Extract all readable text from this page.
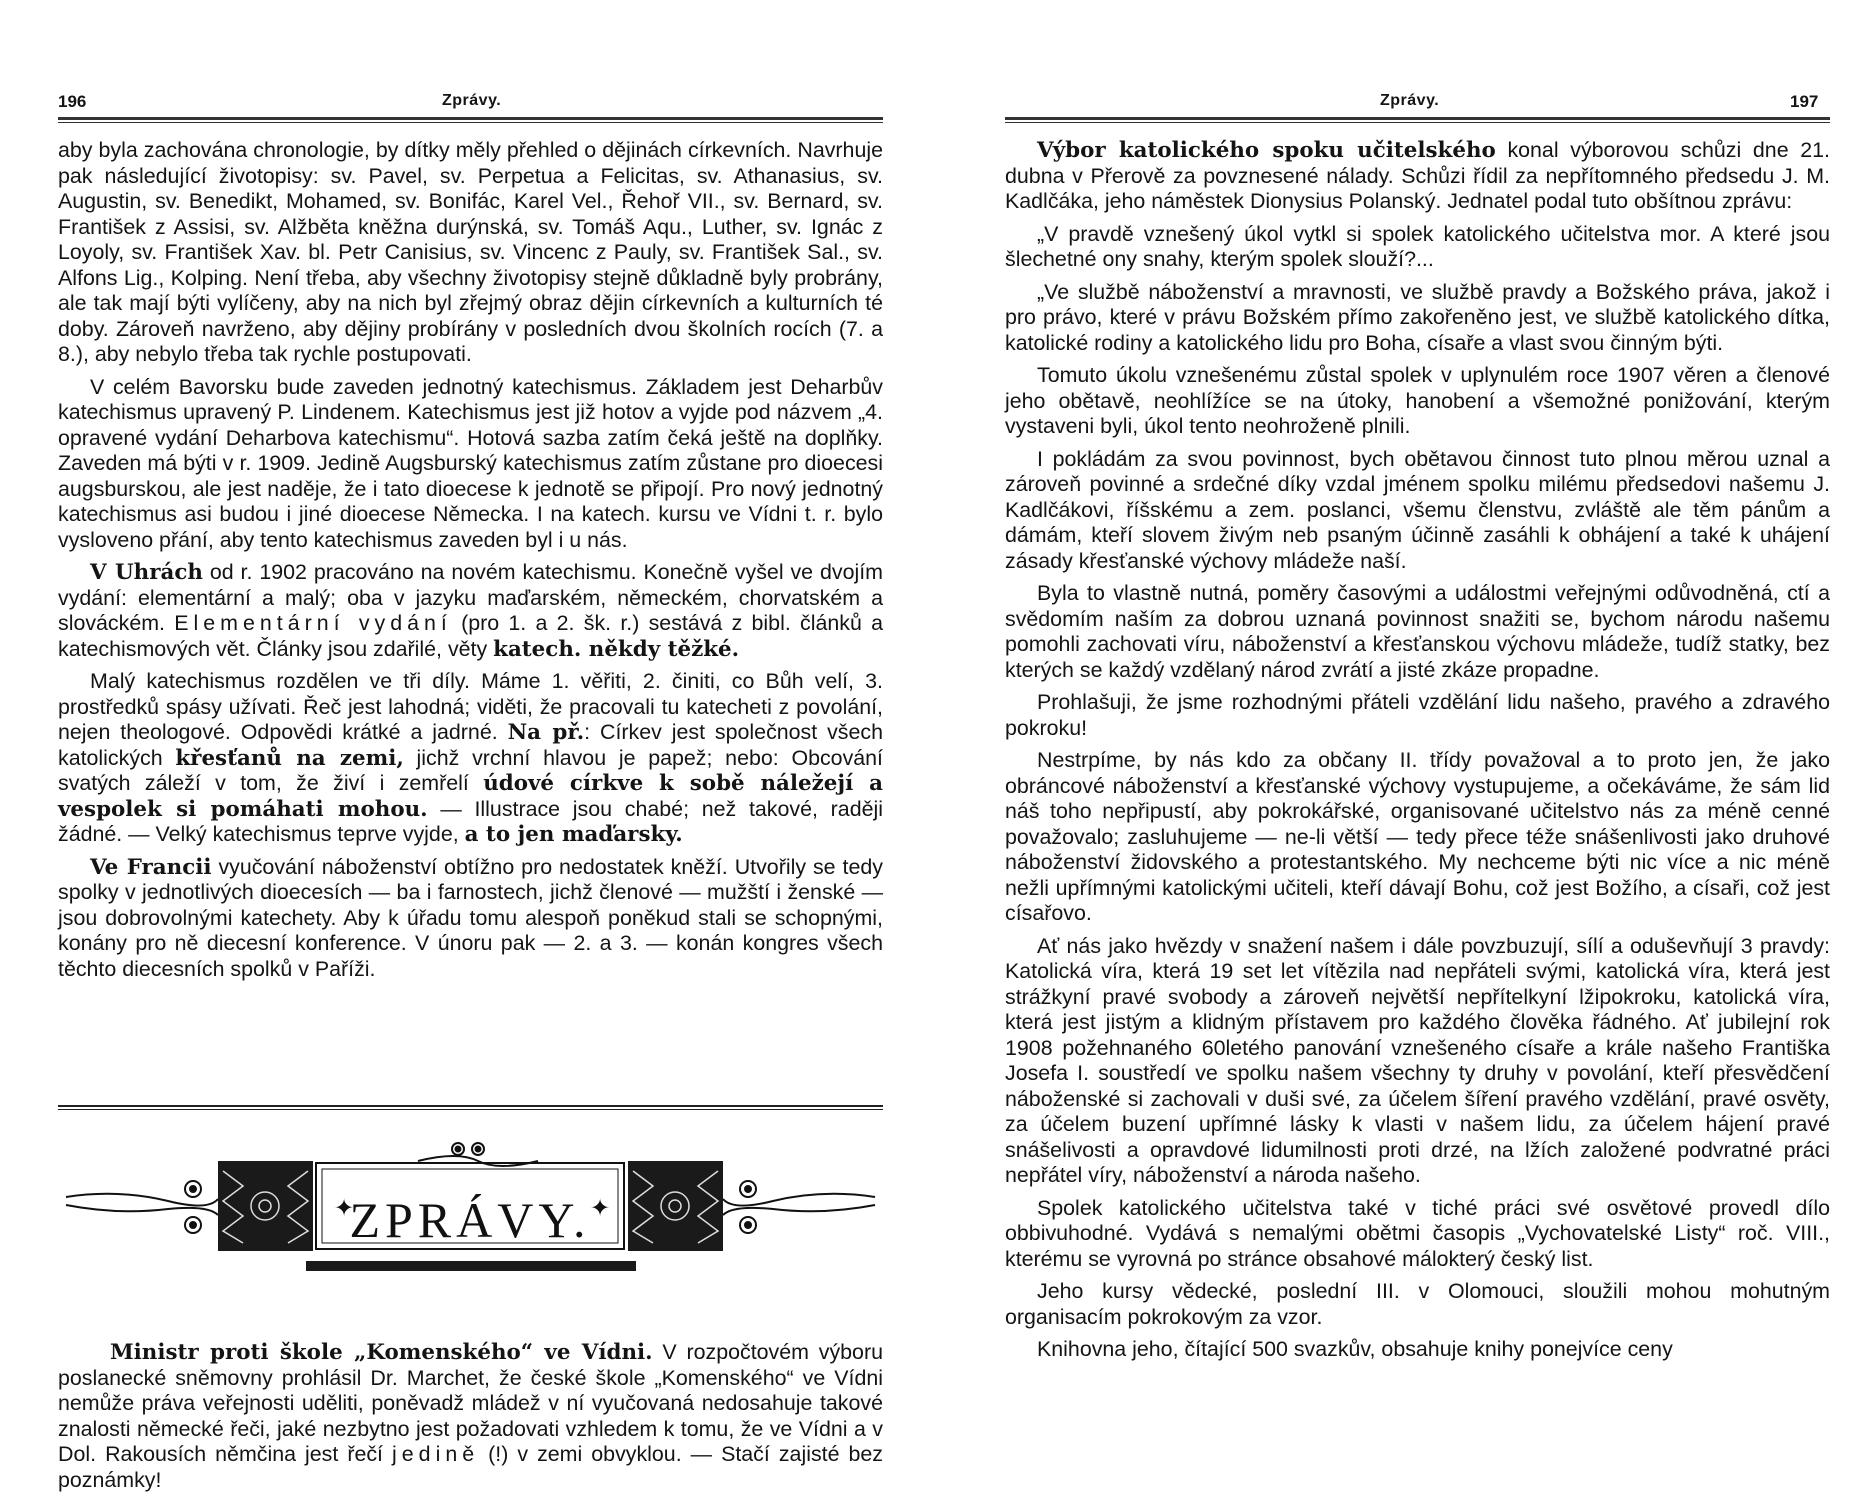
196	Zprávy.

aby byla zachována chronologie, by dítky měly přehled o dějinách církevních. Navrhuje pak následující životopisy: sv. Pavel, sv. Perpetua a Felicitas, sv. Athanasius, sv. Augustin, sv. Benedikt, Mohamed, sv. Bonifác, Karel Vel., Řehoř VII., sv. Bernard, sv. František z Assisi, sv. Alžběta kněžna durýnská, sv. Tomáš Aqu., Luther, sv. Ignác z Loyoly, sv. František Xav. bl. Petr Canisius, sv. Vincenc z Pauly, sv. František Sal., sv. Alfons Lig., Kolping. Není třeba, aby všechny životopisy stejně důkladně byly probrány, ale tak mají býti vylíčeny, aby na nich byl zřejmý obraz dějin církevních a kulturních té doby. Zároveň navrženo, aby dějiny probírány v posledních dvou školních rocích (7. a 8.), aby nebylo třeba tak rychle postupovati.

V celém Bavorsku bude zaveden jednotný katechismus. Základem jest Deharbův katechismus upravený P. Lindenem. Katechismus jest již hotov a vyjde pod názvem „4. opravené vydání Deharbova katechismu“. Hotová sazba zatím čeká ještě na doplňky. Zaveden má býti v r. 1909. Jedině Augsburský katechismus zatím zůstane pro dioecesi augsburskou, ale jest naděje, že i tato dioecese k jednotě se připojí. Pro nový jednotný katechismus asi budou i jiné dioecese Německa. I na katech. kursu ve Vídni t. r. bylo vysloveno přání, aby tento katechismus zaveden byl i u nás.

V Uhrách od r. 1902 pracováno na novém katechismu. Konečně vyšel ve dvojím vydání: elementární a malý; oba v jazyku maďarském, německém, chorvatském a slováckém. Elementární vydání (pro 1. a 2. šk. r.) sestává z bibl. článků a katechismových vět. Články jsou zdařilé, věty katech. někdy těžké.

Malý katechismus rozdělen ve tři díly. Máme 1. věřiti, 2. činiti, co Bůh velí, 3. prostředků spásy užívati. Řeč jest lahodná; viděti, že pracovali tu katecheti z povolání, nejen theologové. Odpovědi krátké a jadrné. Na př.: Církev jest společnost všech katolických křesťanů na zemi, jichž vrchní hlavou je papež; nebo: Obcování svatých záleží v tom, že živí i zemřelí údové církve k sobě náležejí a vespolek si pomáhati mohou. — Illustrace jsou chabé; než takové, raději žádné. — Velký katechismus teprve vyjde, a to jen maďarsky.

Ve Francii vyučování náboženství obtížno pro nedostatek kněží. Utvořily se tedy spolky v jednotlivých dioecesích — ba i farnostech, jichž členové — mužští i ženské — jsou dobrovolnými katechety. Aby k úřadu tomu alespoň poněkud stali se schopnými, konány pro ně diecesní konference. V únoru pak — 2. a 3. — konán kongres všech těchto diecesních spolků v Paříži.

✦	✦
ZPRÁVY.

Ministr proti škole „Komenského“ ve Vídni. V rozpočtovém výboru poslanecké sněmovny prohlásil Dr. Marchet, že české škole „Komenského“ ve Vídni nemůže práva veřejnosti uděliti, poněvadž mládež v ní vyučovaná nedosahuje takové znalosti německé řeči, jaké nezbytno jest požadovati vzhledem k tomu, že ve Vídni a v Dol. Rakousích němčina jest řečí jedině (!) v zemi obvyklou. — Stačí zajisté bez poznámky!

Zprávy.	197

Výbor katolického spoku učitelského konal výborovou schůzi dne 21. dubna v Přerově za povznesené nálady. Schůzi řídil za nepřítomného předsedu J. M. Kadlčáka, jeho náměstek Dionysius Polanský. Jednatel podal tuto obšítnou zprávu:

„V pravdě vznešený úkol vytkl si spolek katolického učitelstva mor. A které jsou šlechetné ony snahy, kterým spolek slouží?...

„Ve službě náboženství a mravnosti, ve službě pravdy a Božského práva, jakož i pro právo, které v právu Božském přímo zakořeněno jest, ve službě katolického dítka, katolické rodiny a katolického lidu pro Boha, císaře a vlast svou činným býti.

Tomuto úkolu vznešenému zůstal spolek v uplynulém roce 1907 věren a členové jeho obětavě, neohlížíce se na útoky, hanobení a všemožné ponižování, kterým vystaveni byli, úkol tento neohroženě plnili.

I pokládám za svou povinnost, bych obětavou činnost tuto plnou měrou uznal a zároveň povinné a srdečné díky vzdal jménem spolku milému předsedovi našemu J. Kadlčákovi, říšskému a zem. poslanci, všemu členstvu, zvláště ale těm pánům a dámám, kteří slovem živým neb psaným účinně zasáhli k obhájení a také k uhájení zásady křesťanské výchovy mládeže naší.

Byla to vlastně nutná, poměry časovými a událostmi veřejnými odůvodněná, ctí a svědomím naším za dobrou uznaná povinnost snažiti se, bychom národu našemu pomohli zachovati víru, náboženství a křesťanskou výchovu mládeže, tudíž statky, bez kterých se každý vzdělaný národ zvrátí a jisté zkáze propadne.

Prohlašuji, že jsme rozhodnými přáteli vzdělání lidu našeho, pravého a zdravého pokroku!

Nestrpíme, by nás kdo za občany II. třídy považoval a to proto jen, že jako obráncové náboženství a křesťanské výchovy vystupujeme, a očekáváme, že sám lid náš toho nepřipustí, aby pokrokářské, organisované učitelstvo nás za méně cenné považovalo; zasluhujeme — ne-li větší — tedy přece téže snášenlivosti jako druhové náboženství židovského a protestantského. My nechceme býti nic více a nic méně nežli upřímnými katolickými učiteli, kteří dávají Bohu, což jest Božího, a císaři, což jest císařovo.

Ať nás jako hvězdy v snažení našem i dále povzbuzují, sílí a oduševňují 3 pravdy: Katolická víra, která 19 set let vítězila nad nepřáteli svými, katolická víra, která jest strážkyní pravé svobody a zároveň největší nepřítelkyní lžipokroku, katolická víra, která jest jistým a klidným přístavem pro každého člověka řádného. Ať jubilejní rok 1908 požehnaného 60letého panování vznešeného císaře a krále našeho Františka Josefa I. soustředí ve spolku našem všechny ty druhy v povolání, kteří přesvědčení náboženské si zachovali v duši své, za účelem šíření pravého vzdělání, pravé osvěty, za účelem buzení upřímné lásky k vlasti v našem lidu, za účelem hájení pravé snášelivosti a opravdové lidumilnosti proti drzé, na lžích založené podvratné práci nepřátel víry, náboženství a národa našeho.

Spolek katolického učitelstva také v tiché práci své osvětové provedl dílo obbivuhodné. Vydává s nemalými obětmi časopis „Vychovatelské Listy“ roč. VIII., kterému se vyrovná po stránce obsahové málokterý český list.

Jeho kursy vědecké, poslední III. v Olomouci, sloužili mohou mohutným organisacím pokrokovým za vzor.

Knihovna jeho, čítající 500 svazkův, obsahuje knihy ponejvíce ceny
